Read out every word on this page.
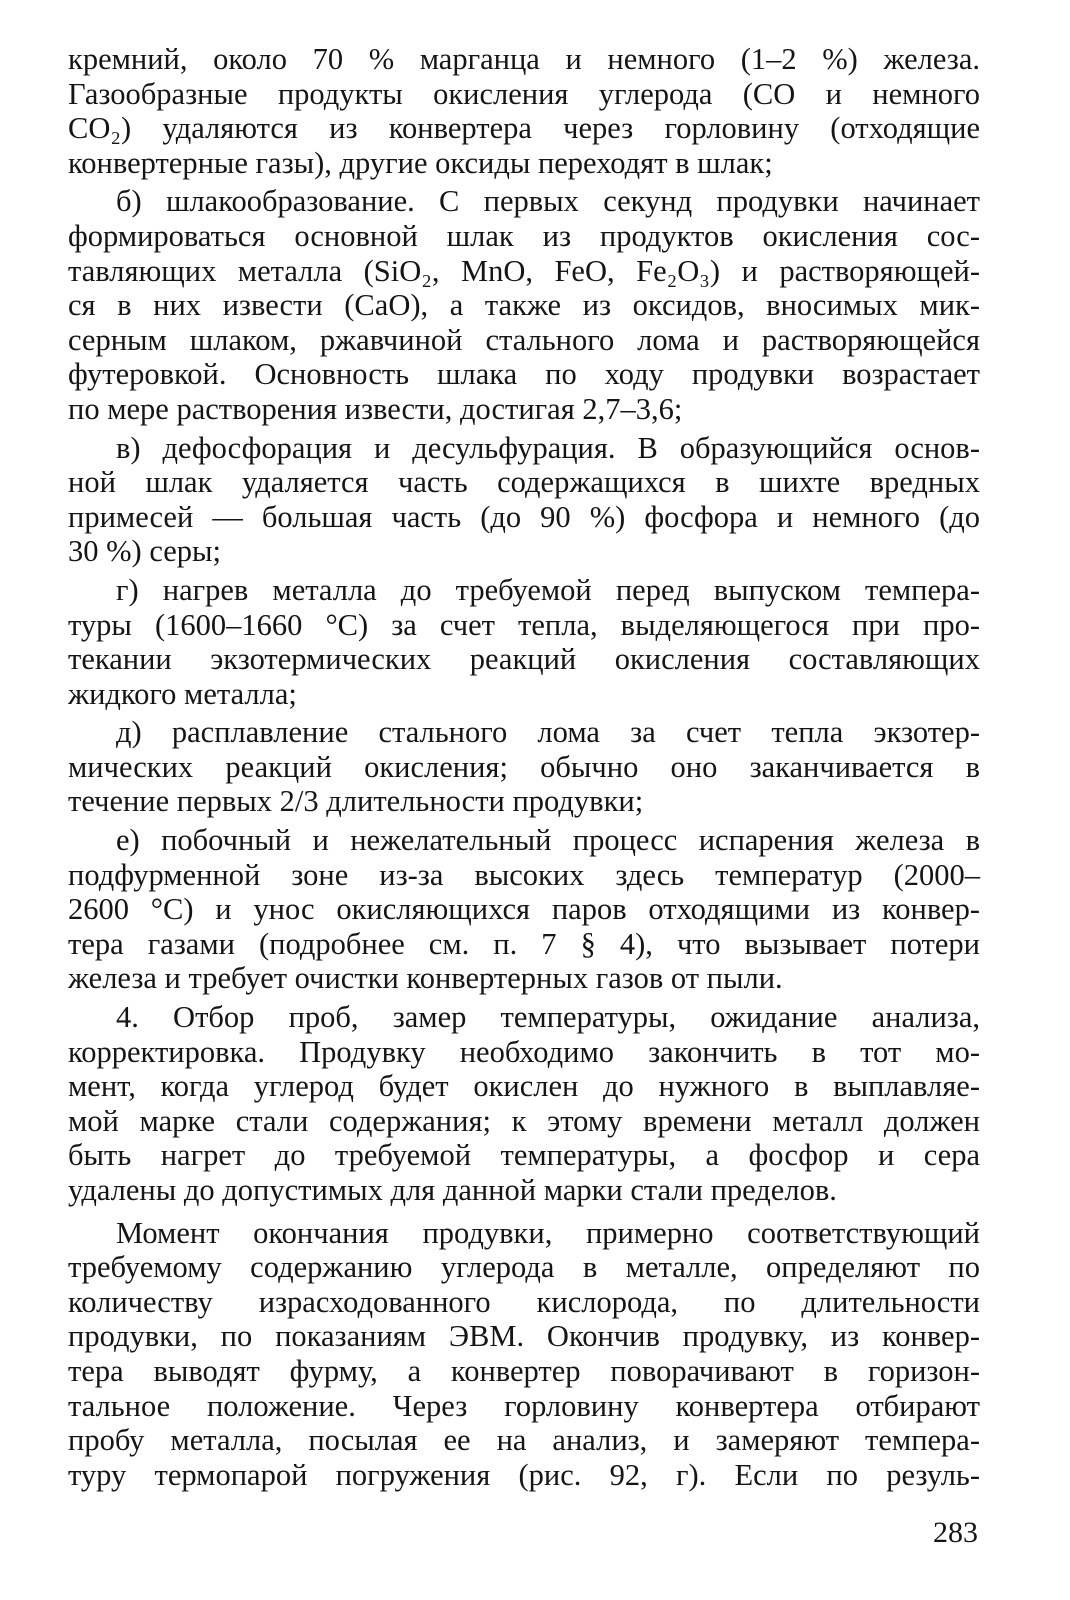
кремний, около 70 % марганца и немного (1–2 %) железа.
Газообразные продукты окисления углерода (СО и немного
СО₂) удаляются из конвертера через горловину (отходящие
конвертерные газы), другие оксиды переходят в шлак;
б) шлакообразование. С первых секунд продувки начинает
формироваться основной шлак из продуктов окисления сос-
тавляющих металла (SiO₂, MnO, FeO, Fe₂O₃) и растворяющей-
ся в них извести (СаО), а также из оксидов, вносимых мик-
серным шлаком, ржавчиной стального лома и растворяющейся
футеровкой. Основность шлака по ходу продувки возрастает
по мере растворения извести, достигая 2,7–3,6;
в) дефосфорация и десульфурация. В образующийся основ-
ной шлак удаляется часть содержащихся в шихте вредных
примесей — большая часть (до 90 %) фосфора и немного (до
30 %) серы;
г) нагрев металла до требуемой перед выпуском темпера-
туры (1600–1660 °С) за счет тепла, выделяющегося при про-
текании экзотермических реакций окисления составляющих
жидкого металла;
д) расплавление стального лома за счет тепла экзотер-
мических реакций окисления; обычно оно заканчивается в
течение первых 2/3 длительности продувки;
е) побочный и нежелательный процесс испарения железа в
подфурменной зоне из-за высоких здесь температур (2000–
2600 °С) и унос окисляющихся паров отходящими из конвер-
тера газами (подробнее см. п. 7 § 4), что вызывает потери
железа и требует очистки конвертерных газов от пыли.
4. Отбор проб, замер температуры, ожидание анализа,
корректировка. Продувку необходимо закончить в тот мо-
мент, когда углерод будет окислен до нужного в выплавляе-
мой марке стали содержания; к этому времени металл должен
быть нагрет до требуемой температуры, а фосфор и сера
удалены до допустимых для данной марки стали пределов.
Момент окончания продувки, примерно соответствующий
требуемому содержанию углерода в металле, определяют по
количеству израсходованного кислорода, по длительности
продувки, по показаниям ЭВМ. Окончив продувку, из конвер-
тера выводят фурму, а конвертер поворачивают в горизон-
тальное положение. Через горловину конвертера отбирают
пробу металла, посылая ее на анализ, и замеряют темпера-
туру термопарой погружения (рис. 92, г). Если по резуль-
283
